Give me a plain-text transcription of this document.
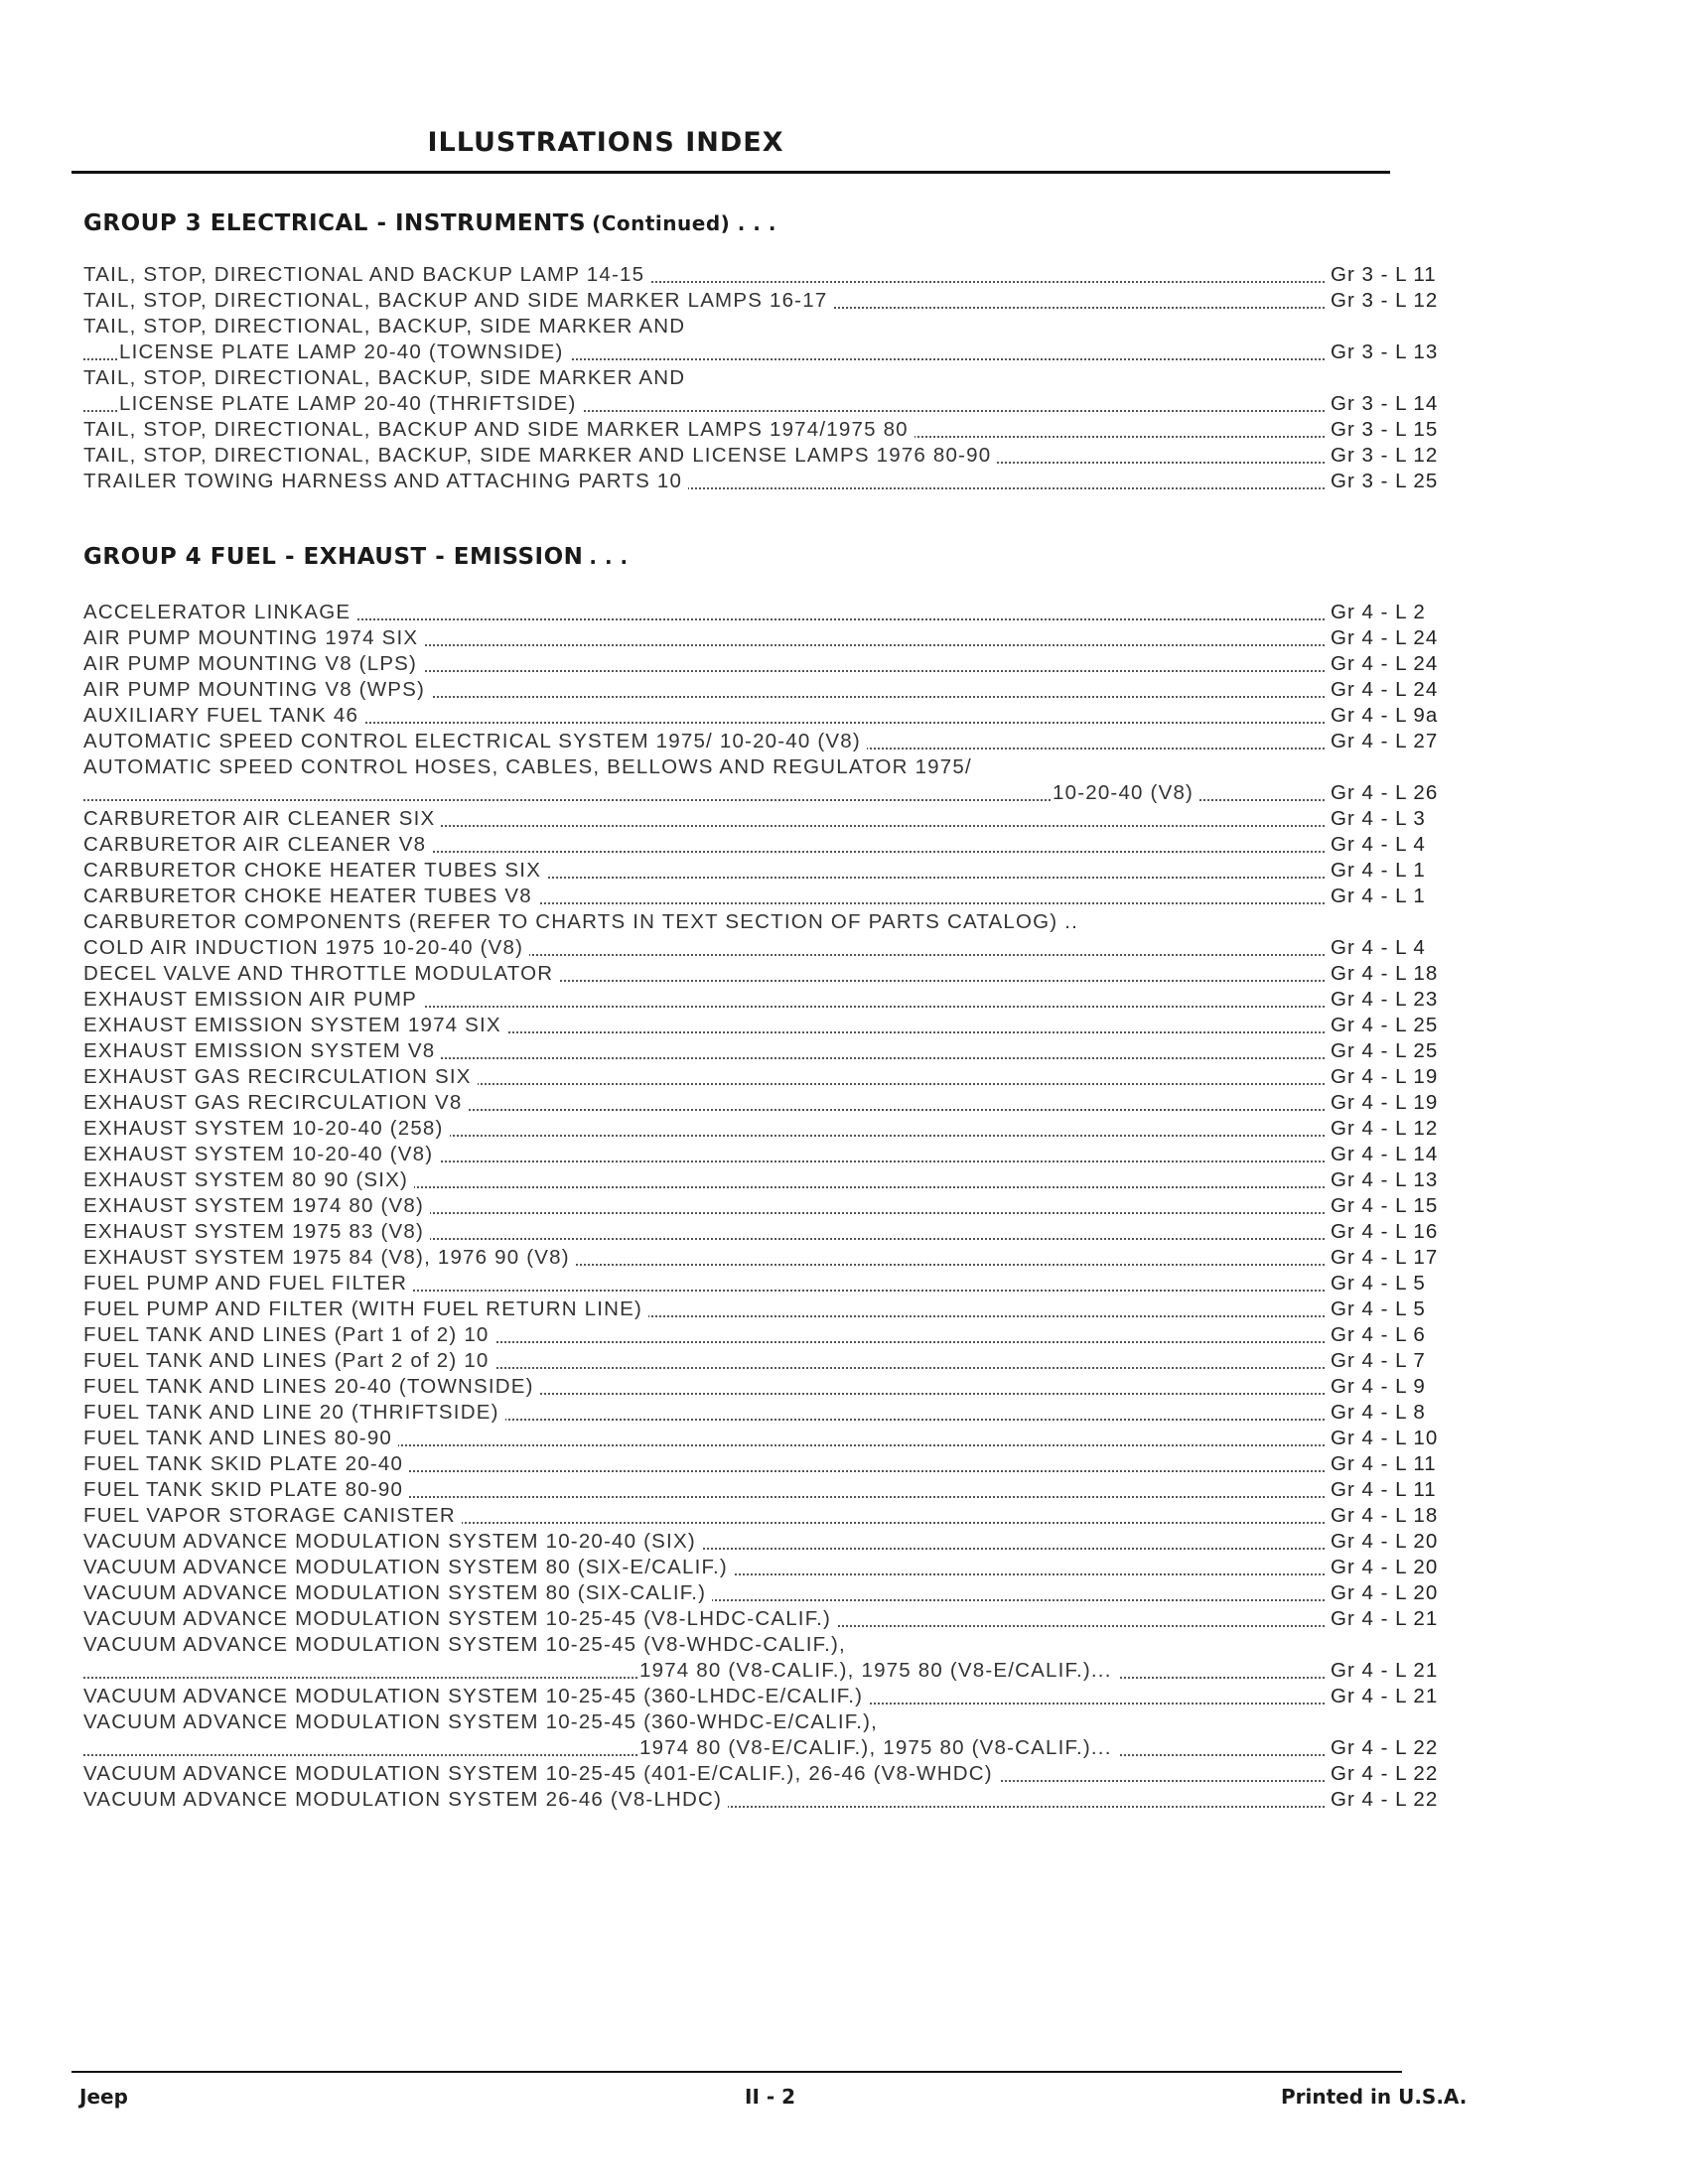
ILLUSTRATIONS INDEX
GROUP 3 ELECTRICAL - INSTRUMENTS (Continued) . . .
TAIL, STOP, DIRECTIONAL AND BACKUP LAMP 14-15	Gr 3 - L 11
TAIL, STOP, DIRECTIONAL, BACKUP AND SIDE MARKER LAMPS 16-17	Gr 3 - L 12
TAIL, STOP, DIRECTIONAL, BACKUP, SIDE MARKER AND
LICENSE PLATE LAMP 20-40 (TOWNSIDE)	Gr 3 - L 13
TAIL, STOP, DIRECTIONAL, BACKUP, SIDE MARKER AND
LICENSE PLATE LAMP 20-40 (THRIFTSIDE)	Gr 3 - L 14
TAIL, STOP, DIRECTIONAL, BACKUP AND SIDE MARKER LAMPS 1974/1975 80	Gr 3 - L 15
TAIL, STOP, DIRECTIONAL, BACKUP, SIDE MARKER AND LICENSE LAMPS 1976 80-90	Gr 3 - L 12
TRAILER TOWING HARNESS AND ATTACHING PARTS 10	Gr 3 - L 25
GROUP 4 FUEL - EXHAUST - EMISSION . . .
ACCELERATOR LINKAGE	Gr 4 - L 2
AIR PUMP MOUNTING 1974 SIX	Gr 4 - L 24
AIR PUMP MOUNTING V8 (LPS)	Gr 4 - L 24
AIR PUMP MOUNTING V8 (WPS)	Gr 4 - L 24
AUXILIARY FUEL TANK 46	Gr 4 - L 9a
AUTOMATIC SPEED CONTROL ELECTRICAL SYSTEM 1975/ 10-20-40 (V8)	Gr 4 - L 27
AUTOMATIC SPEED CONTROL HOSES, CABLES, BELLOWS AND REGULATOR 1975/
10-20-40 (V8)	Gr 4 - L 26
CARBURETOR AIR CLEANER SIX	Gr 4 - L 3
CARBURETOR AIR CLEANER V8	Gr 4 - L 4
CARBURETOR CHOKE HEATER TUBES SIX	Gr 4 - L 1
CARBURETOR CHOKE HEATER TUBES V8	Gr 4 - L 1
CARBURETOR COMPONENTS (REFER TO CHARTS IN TEXT SECTION OF PARTS CATALOG) ..
COLD AIR INDUCTION 1975 10-20-40 (V8)	Gr 4 - L 4
DECEL VALVE AND THROTTLE MODULATOR	Gr 4 - L 18
EXHAUST EMISSION AIR PUMP	Gr 4 - L 23
EXHAUST EMISSION SYSTEM 1974 SIX	Gr 4 - L 25
EXHAUST EMISSION SYSTEM V8	Gr 4 - L 25
EXHAUST GAS RECIRCULATION SIX	Gr 4 - L 19
EXHAUST GAS RECIRCULATION V8	Gr 4 - L 19
EXHAUST SYSTEM 10-20-40 (258)	Gr 4 - L 12
EXHAUST SYSTEM 10-20-40 (V8)	Gr 4 - L 14
EXHAUST SYSTEM 80 90 (SIX)	Gr 4 - L 13
EXHAUST SYSTEM 1974 80 (V8)	Gr 4 - L 15
EXHAUST SYSTEM 1975 83 (V8)	Gr 4 - L 16
EXHAUST SYSTEM 1975 84 (V8), 1976 90 (V8)	Gr 4 - L 17
FUEL PUMP AND FUEL FILTER	Gr 4 - L 5
FUEL PUMP AND FILTER (WITH FUEL RETURN LINE)	Gr 4 - L 5
FUEL TANK AND LINES (Part 1 of 2) 10	Gr 4 - L 6
FUEL TANK AND LINES (Part 2 of 2) 10	Gr 4 - L 7
FUEL TANK AND LINES 20-40 (TOWNSIDE)	Gr 4 - L 9
FUEL TANK AND LINE 20 (THRIFTSIDE)	Gr 4 - L 8
FUEL TANK AND LINES 80-90	Gr 4 - L 10
FUEL TANK SKID PLATE 20-40	Gr 4 - L 11
FUEL TANK SKID PLATE 80-90	Gr 4 - L 11
FUEL VAPOR STORAGE CANISTER	Gr 4 - L 18
VACUUM ADVANCE MODULATION SYSTEM 10-20-40 (SIX)	Gr 4 - L 20
VACUUM ADVANCE MODULATION SYSTEM 80 (SIX-E/CALIF.)	Gr 4 - L 20
VACUUM ADVANCE MODULATION SYSTEM 80 (SIX-CALIF.)	Gr 4 - L 20
VACUUM ADVANCE MODULATION SYSTEM 10-25-45 (V8-LHDC-CALIF.)	Gr 4 - L 21
VACUUM ADVANCE MODULATION SYSTEM 10-25-45 (V8-WHDC-CALIF.),
1974 80 (V8-CALIF.), 1975 80 (V8-E/CALIF.)...	Gr 4 - L 21
VACUUM ADVANCE MODULATION SYSTEM 10-25-45 (360-LHDC-E/CALIF.)	Gr 4 - L 21
VACUUM ADVANCE MODULATION SYSTEM 10-25-45 (360-WHDC-E/CALIF.),
1974 80 (V8-E/CALIF.), 1975 80 (V8-CALIF.)...	Gr 4 - L 22
VACUUM ADVANCE MODULATION SYSTEM 10-25-45 (401-E/CALIF.), 26-46 (V8-WHDC)	Gr 4 - L 22
VACUUM ADVANCE MODULATION SYSTEM 26-46 (V8-LHDC)	Gr 4 - L 22
Jeep	II - 2	Printed in U.S.A.
